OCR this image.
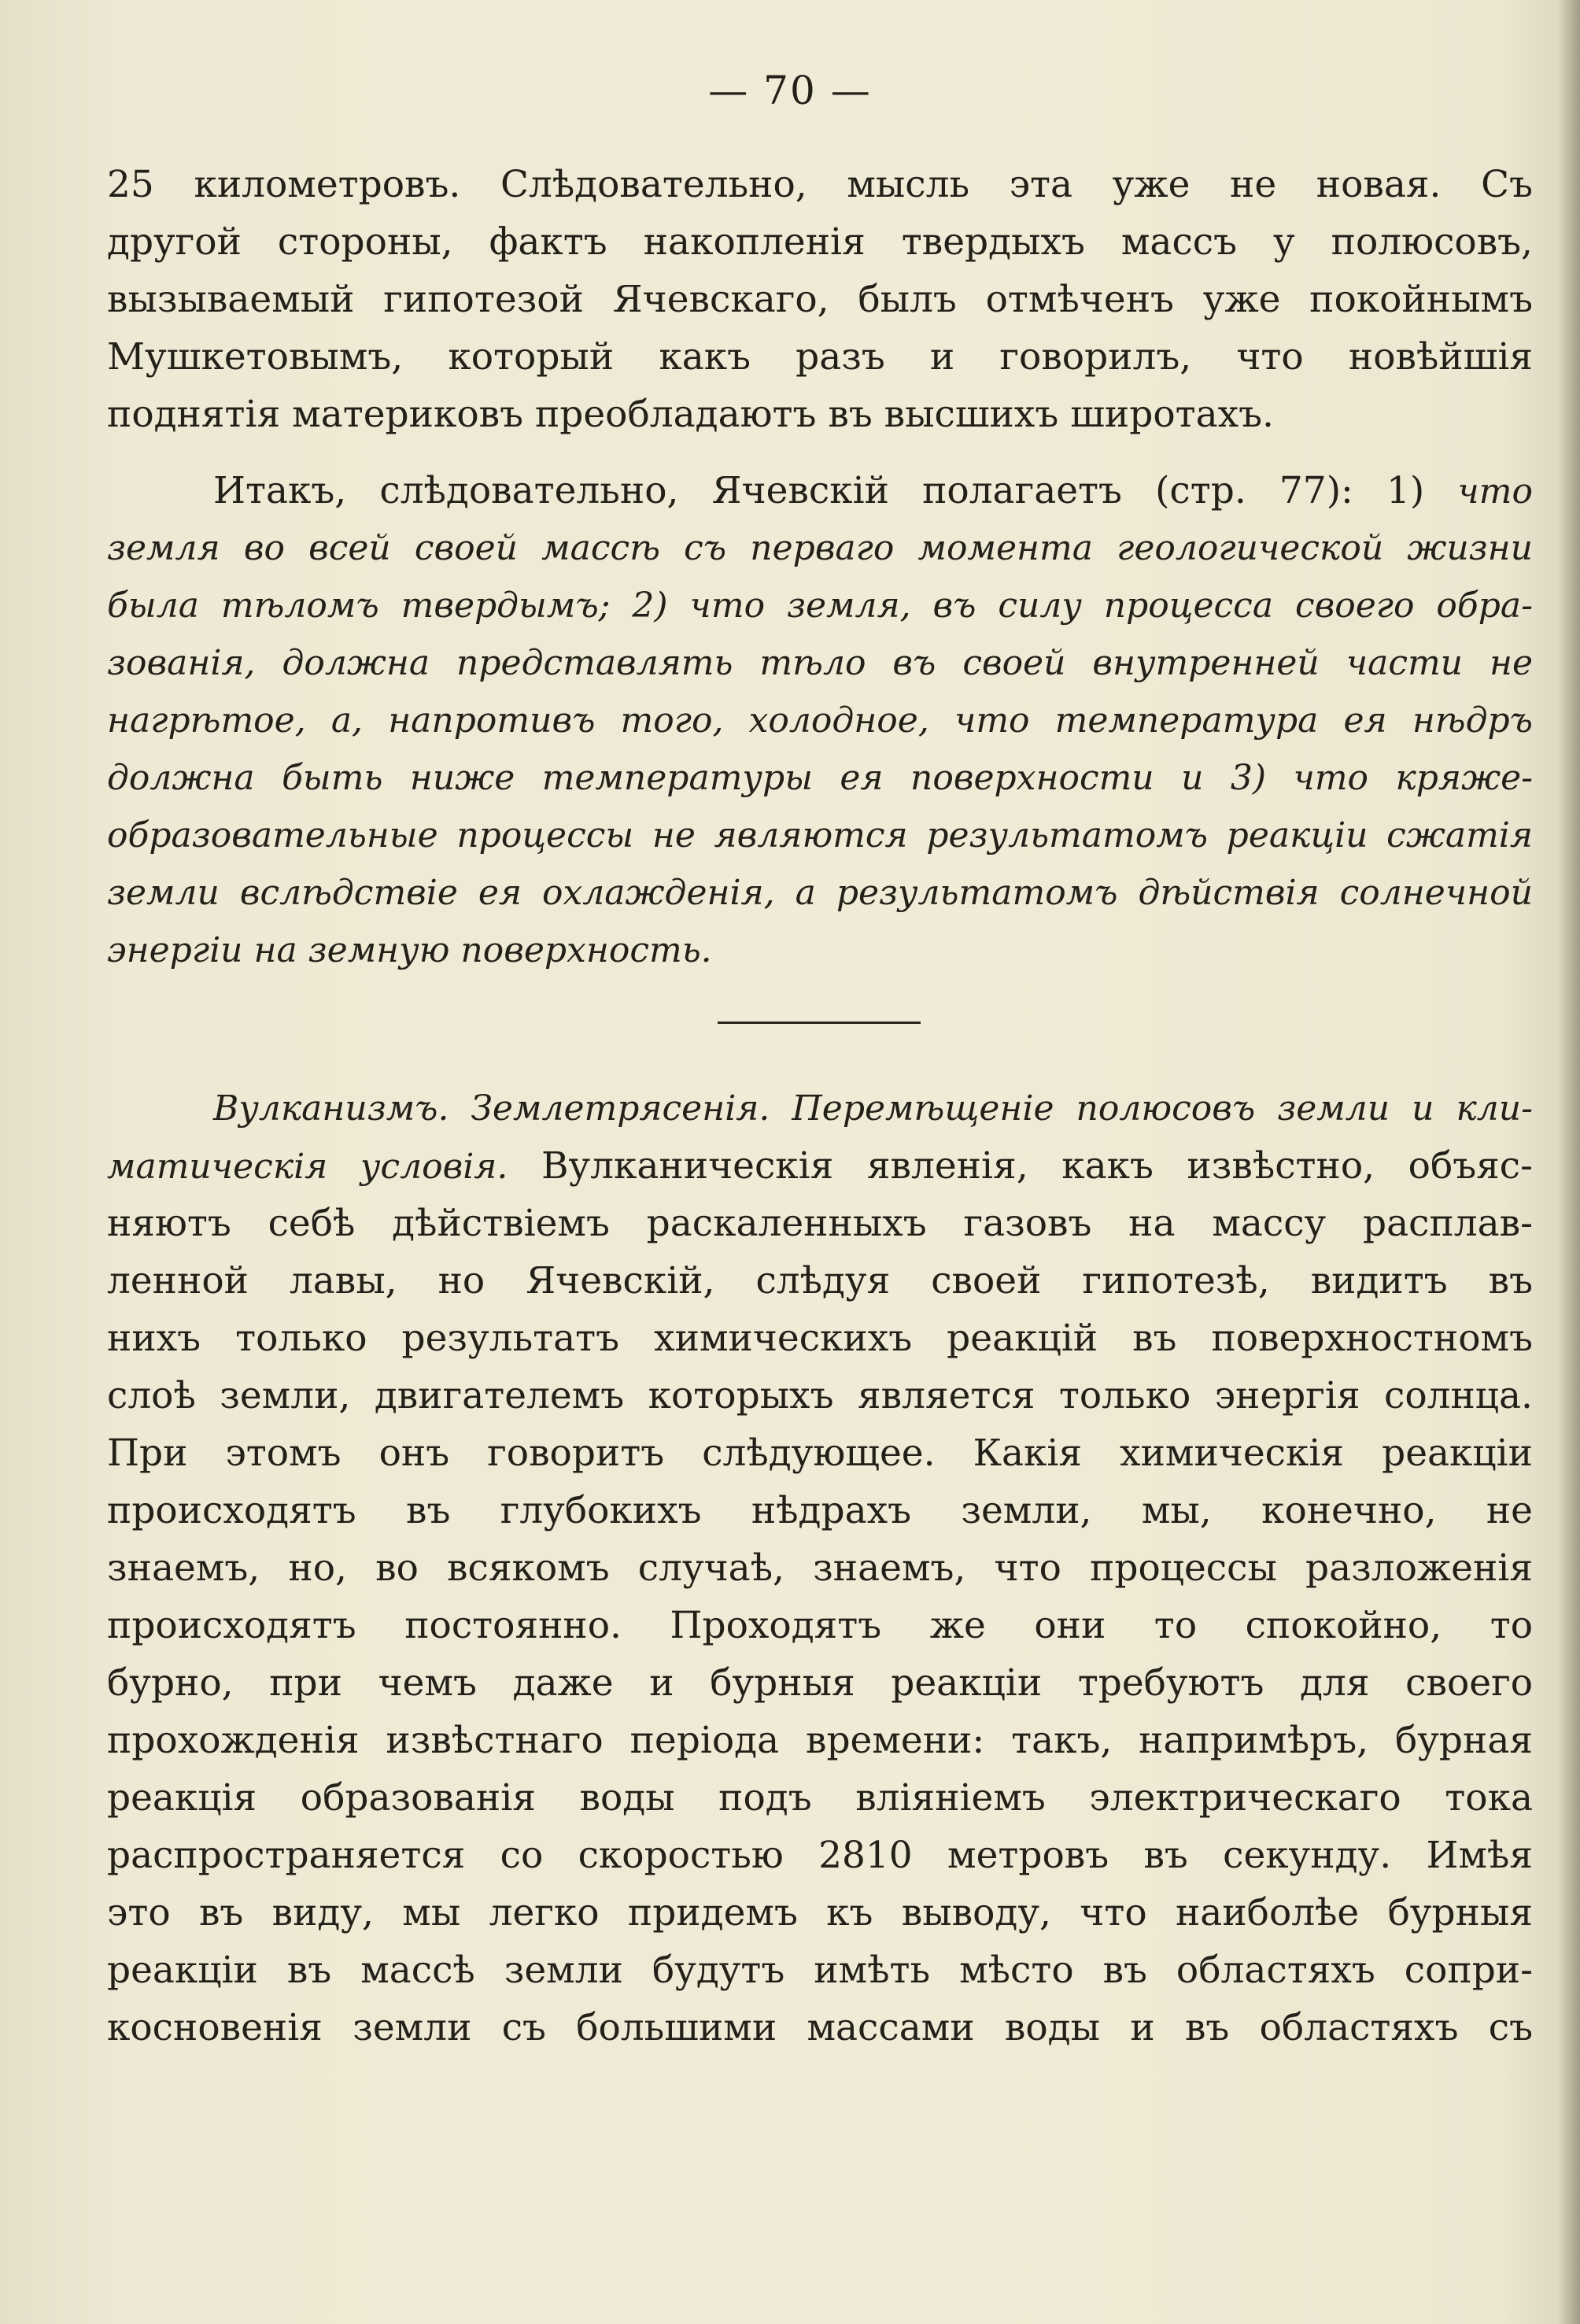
— 70 —
25 километровъ. Слѣдовательно, мысль эта уже не новая. Съ
другой стороны, фактъ накопленія твердыхъ массъ у полюсовъ,
вызываемый гипотезой Ячевскаго, былъ отмѣченъ уже покойнымъ
Мушкетовымъ, который какъ разъ и говорилъ, что новѣйшія
поднятія материковъ преобладаютъ въ высшихъ широтахъ.
Итакъ, слѣдовательно, Ячевскій полагаетъ (стр. 77): 1) что
земля во всей своей массѣ съ перваго момента геологической жизни
была тѣломъ твердымъ; 2) что земля, въ силу процесса своего обра-
зованія, должна представлять тѣло въ своей внутренней части не
нагрѣтое, а, напротивъ того, холодное, что температура ея нѣдръ
должна быть ниже температуры ея поверхности и 3) что кряже-
образовательные процессы не являются результатомъ реакціи сжатія
земли вслѣдствіе ея охлажденія, а результатомъ дѣйствія солнечной
энергіи на земную поверхность.
Вулканизмъ. Землетрясенія. Перемѣщеніе полюсовъ земли и кли-
матическія условія. Вулканическія явленія, какъ извѣстно, объяс-
няютъ себѣ дѣйствіемъ раскаленныхъ газовъ на массу расплав-
ленной лавы, но Ячевскій, слѣдуя своей гипотезѣ, видитъ въ
нихъ только результатъ химическихъ реакцій въ поверхностномъ
слоѣ земли, двигателемъ которыхъ является только энергія солнца.
При этомъ онъ говоритъ слѣдующее. Какія химическія реакціи
происходятъ въ глубокихъ нѣдрахъ земли, мы, конечно, не
знаемъ, но, во всякомъ случаѣ, знаемъ, что процессы разложенія
происходятъ постоянно. Проходятъ же они то спокойно, то
бурно, при чемъ даже и бурныя реакціи требуютъ для своего
прохожденія извѣстнаго періода времени: такъ, напримѣръ, бурная
реакція образованія воды подъ вліяніемъ электрическаго тока
распространяется со скоростью 2810 метровъ въ секунду. Имѣя
это въ виду, мы легко придемъ къ выводу, что наиболѣе бурныя
реакціи въ массѣ земли будутъ имѣть мѣсто въ областяхъ сопри-
косновенія земли съ большими массами воды и въ областяхъ съ
